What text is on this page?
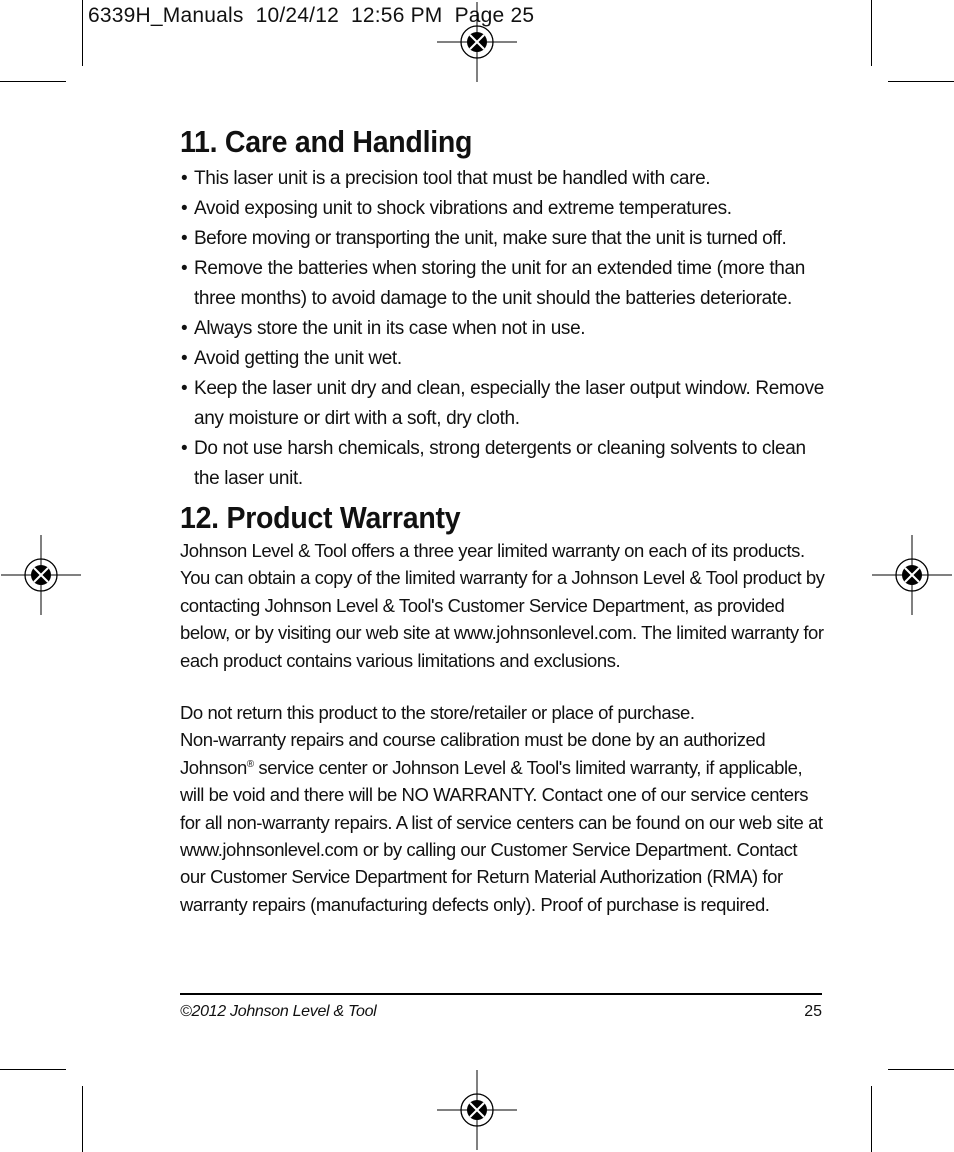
6339H_Manuals  10/24/12  12:56 PM  Page 25
11. Care and Handling
• This laser unit is a precision tool that must be handled with care.
• Avoid exposing unit to shock vibrations and extreme temperatures.
• Before moving or transporting the unit, make sure that the unit is turned off.
• Remove the batteries when storing the unit for an extended time (more than three months) to avoid damage to the unit should the batteries deteriorate.
• Always store the unit in its case when not in use.
• Avoid getting the unit wet.
• Keep the laser unit dry and clean, especially the laser output window. Remove any moisture or dirt with a soft, dry cloth.
• Do not use harsh chemicals, strong detergents or cleaning solvents to clean the laser unit.
12. Product Warranty

Johnson Level & Tool offers a three year limited warranty on each of its products. You can obtain a copy of the limited warranty for a Johnson Level & Tool product by contacting Johnson Level & Tool's Customer Service Department, as provided below, or by visiting our web site at www.johnsonlevel.com. The limited warranty for each product contains various limitations and exclusions.

Do not return this product to the store/retailer or place of purchase.
Non-warranty repairs and course calibration must be done by an authorized
Johnson® service center or Johnson Level & Tool's limited warranty, if applicable, will be void and there will be NO WARRANTY. Contact one of our service centers for all non-warranty repairs. A list of service centers can be found on our web site at www.johnsonlevel.com or by calling our Customer Service Department. Contact our Customer Service Department for Return Material Authorization (RMA) for warranty repairs (manufacturing defects only). Proof of purchase is required.

©2012 Johnson Level & Tool	25
